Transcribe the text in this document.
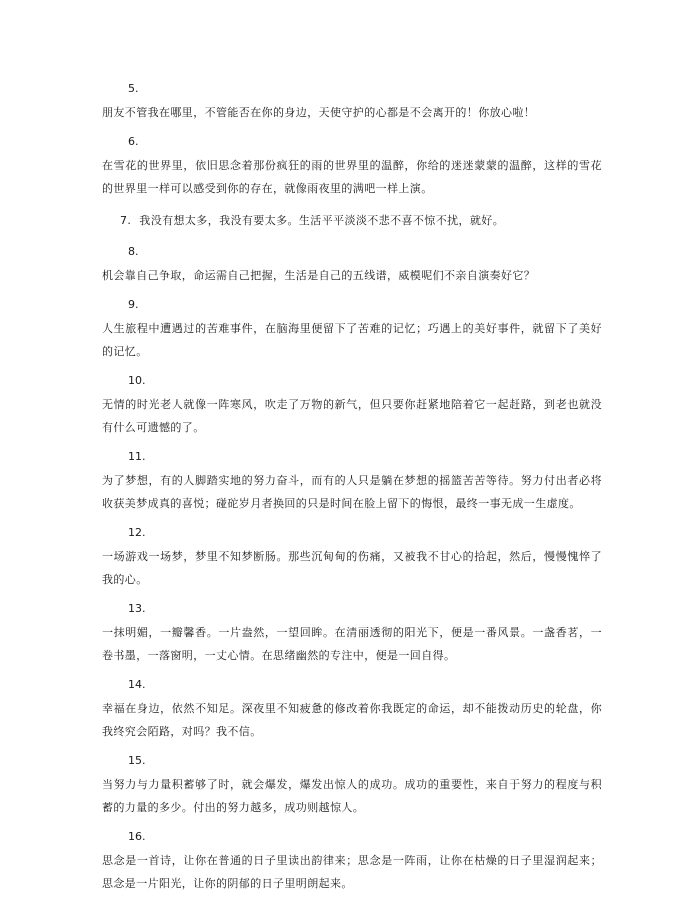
5.
朋友不管我在哪里，不管能否在你的身边，天使守护的心都是不会离开的！你放心啦！
6.
在雪花的世界里，依旧思念着那份疯狂的雨的世界里的温醉，你给的迷迷蒙蒙的温醉，这样的雪花的世界里一样可以感受到你的存在，就像雨夜里的满吧一样上演。
7. 我没有想太多，我没有要太多。生活平平淡淡不悲不喜不惊不扰，就好。
8.
机会靠自己争取，命运需自己把握，生活是自己的五线谱，威模呢们不亲自演奏好它？
9.
人生旅程中遭遇过的苦难事件，在脑海里便留下了苦难的记忆；巧遇上的美好事件，就留下了美好的记忆。
10.
无情的时光老人就像一阵寒风，吹走了万物的新气，但只要你赶紧地陪着它一起赶路，到老也就没有什么可遗憾的了。
11.
为了梦想，有的人脚踏实地的努力奋斗，而有的人只是躺在梦想的摇篮苦苦等待。努力付出者必将收获美梦成真的喜悦；碰砣岁月者换回的只是时间在脸上留下的悔恨，最终一事无成一生虚度。
12.
一场游戏一场梦，梦里不知梦断肠。那些沉甸甸的伤痛，又被我不甘心的拾起，然后，慢慢愧悴了我的心。
13.
一抹明媚，一瓣馨香。一片盎然，一望回眸。在清丽透彻的阳光下，便是一番风景。一盏香茗，一卷书墨，一落窗明，一丈心情。在思绪幽然的专注中，便是一回自得。
14.
幸福在身边，依然不知足。深夜里不知疲惫的修改着你我既定的命运，却不能拨动历史的轮盘，你我终究会陌路，对吗？我不信。
15.
当努力与力量积蓄够了时，就会爆发，爆发出惊人的成功。成功的重要性，来自于努力的程度与积蓄的力量的多少。付出的努力越多，成功则越惊人。
16.
思念是一首诗，让你在普通的日子里读出韵律来；思念是一阵雨，让你在枯燥的日子里湿润起来；思念是一片阳光，让你的阴郁的日子里明朗起来。
